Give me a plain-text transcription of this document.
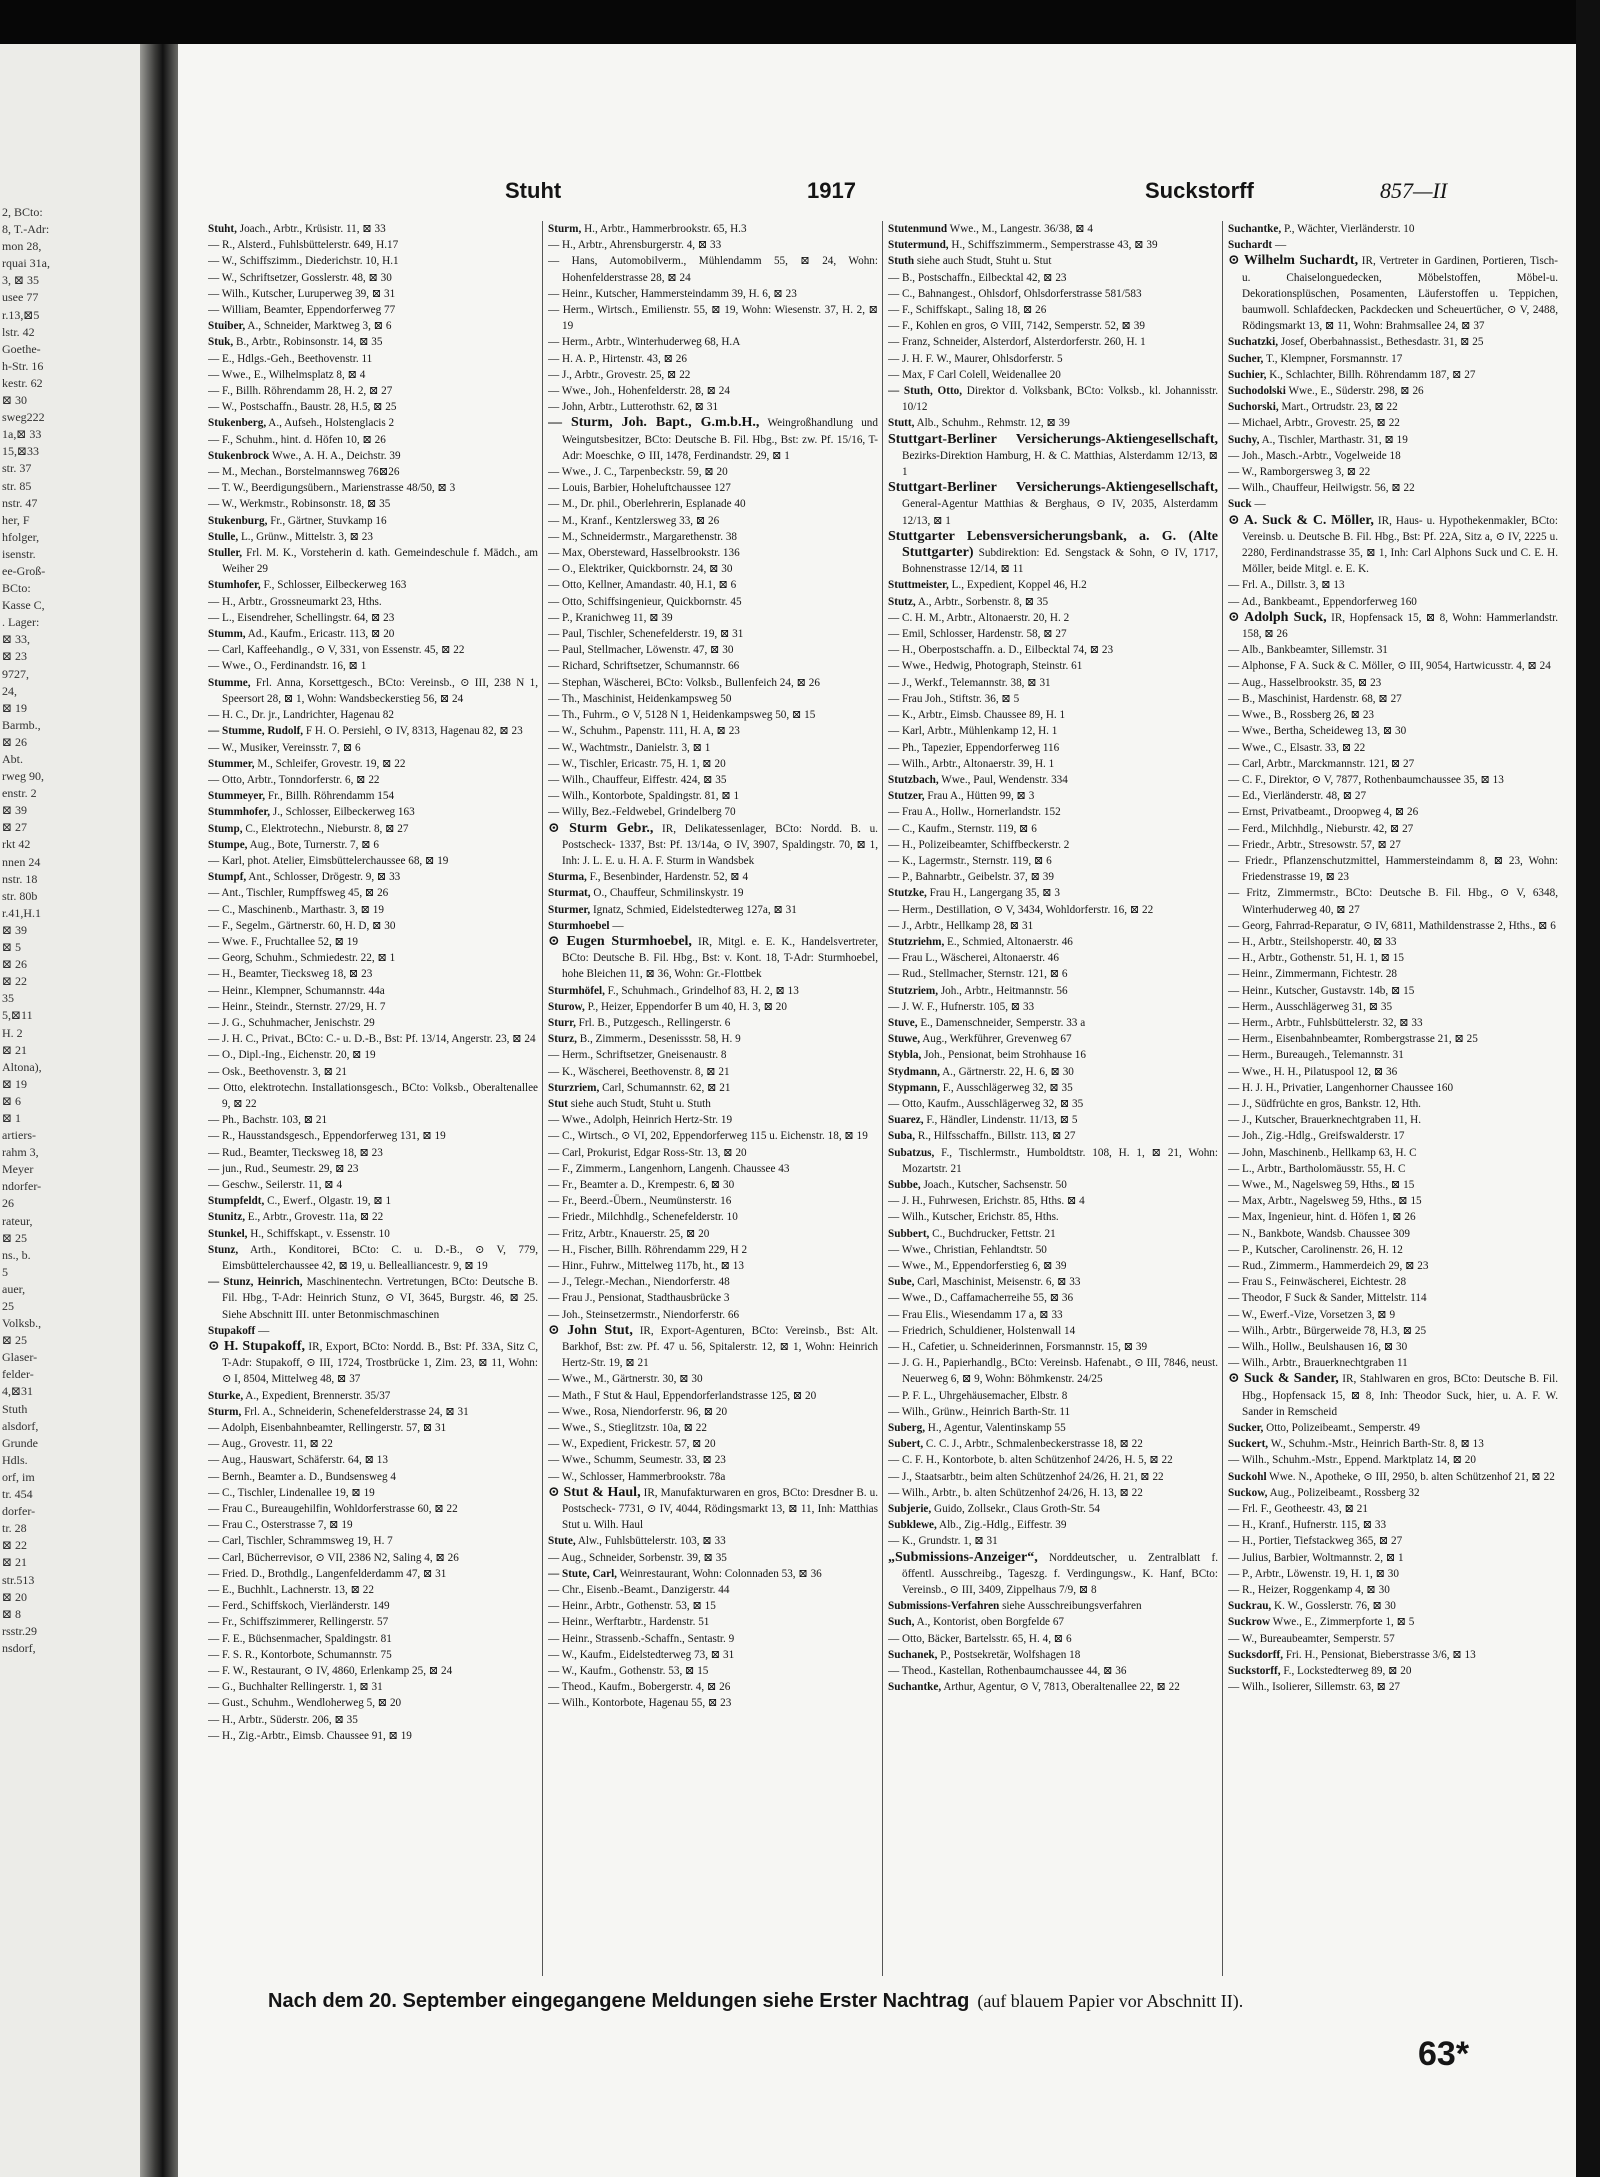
2, BCto:
8, T.-Adr:
mon 28,
rquai 31a,
3, ⊠ 35
usee 77
r.13,⊠5
lstr. 42
Goethe-
h-Str. 16
kestr. 62
⊠ 30
sweg222
1a,⊠ 33
15,⊠33
str. 37
str. 85
nstr. 47
her, F
hfolger,
isenstr.
ee-Groß-
BCto:
Kasse C,
. Lager:
⊠ 33,
⊠ 23
9727,
24,
⊠ 19
Barmb.,
⊠ 26
Abt.
rweg 90,
enstr. 2
⊠ 39
⊠ 27
rkt 42
nnen 24
nstr. 18
str. 80b
r.41,H.1
⊠ 39
⊠ 5
⊠ 26
⊠ 22
35
5,⊠11
H. 2
⊠ 21
Altona),
⊠ 19
⊠ 6
⊠ 1
artiers-
rahm 3,
Meyer
ndorfer-
26
rateur,
⊠ 25
ns., b.
5
auer,
25
Volksb.,
⊠ 25
Glaser-
felder-
4,⊠31
Stuth
alsdorf,
Grunde
Hdls.
orf, im
tr. 454
dorfer-
tr. 28
⊠ 22
⊠ 21
str.513
⊠ 20
⊠ 8
rsstr.29
nsdorf,
Stuht	1917	Suckstorff	857—II

Stuht, Joach., Arbtr., Krüsistr. 11, ⊠ 33

— R., Alsterd., Fuhlsbüttelerstr. 649, H.17

— W., Schiffszimm., Diederichstr. 10, H.1

— W., Schriftsetzer, Gosslerstr. 48, ⊠ 30

— Wilh., Kutscher, Luruperweg 39, ⊠ 31

— William, Beamter, Eppendorferweg 77

Stuiber, A., Schneider, Marktweg 3, ⊠ 6

Stuk, B., Arbtr., Robinsonstr. 14, ⊠ 35

— E., Hdlgs.-Geh., Beethovenstr. 11

— Wwe., E., Wilhelmsplatz 8, ⊠ 4

— F., Billh. Röhrendamm 28, H. 2, ⊠ 27

— W., Postschaffn., Baustr. 28, H.5, ⊠ 25

Stukenberg, A., Aufseh., Holstenglacis 2

— F., Schuhm., hint. d. Höfen 10, ⊠ 26

Stukenbrock Wwe., A. H. A., Deichstr. 39

— M., Mechan., Borstelmannsweg 76⊠26

— T. W., Beerdigungsübern., Marienstrasse 48/50, ⊠ 3

— W., Werkmstr., Robinsonstr. 18, ⊠ 35

Stukenburg, Fr., Gärtner, Stuvkamp 16

Stulle, L., Grünw., Mittelstr. 3, ⊠ 23

Stuller, Frl. M. K., Vorsteherin d. kath. Gemeindeschule f. Mädch., am Weiher 29

Stumhofer, F., Schlosser, Eilbeckerweg 163

— H., Arbtr., Grossneumarkt 23, Hths.

— L., Eisendreher, Schellingstr. 64, ⊠ 23

Stumm, Ad., Kaufm., Ericastr. 113, ⊠ 20

— Carl, Kaffeehandlg., ⊙ V, 331, von Essenstr. 45, ⊠ 22

— Wwe., O., Ferdinandstr. 16, ⊠ 1

Stumme, Frl. Anna, Korsettgesch., BCto: Vereinsb., ⊙ III, 238 N 1, Speersort 28, ⊠ 1, Wohn: Wandsbeckerstieg 56, ⊠ 24

— H. C., Dr. jr., Landrichter, Hagenau 82

— Stumme, Rudolf, F H. O. Persiehl, ⊙ IV, 8313, Hagenau 82, ⊠ 23

— W., Musiker, Vereinsstr. 7, ⊠ 6

Stummer, M., Schleifer, Grovestr. 19, ⊠ 22

— Otto, Arbtr., Tonndorferstr. 6, ⊠ 22

Stummeyer, Fr., Billh. Röhrendamm 154

Stummhofer, J., Schlosser, Eilbeckerweg 163

Stump, C., Elektrotechn., Nieburstr. 8, ⊠ 27

Stumpe, Aug., Bote, Turnerstr. 7, ⊠ 6

— Karl, phot. Atelier, Eimsbüttelerchaussee 68, ⊠ 19

Stumpf, Ant., Schlosser, Drögestr. 9, ⊠ 33

— Ant., Tischler, Rumpffsweg 45, ⊠ 26

— C., Maschinenb., Marthastr. 3, ⊠ 19

— F., Segelm., Gärtnerstr. 60, H. D, ⊠ 30

— Wwe. F., Fruchtallee 52, ⊠ 19

— Georg, Schuhm., Schmiedestr. 22, ⊠ 1

— H., Beamter, Tiecksweg 18, ⊠ 23

— Heinr., Klempner, Schumannstr. 44a

— Heinr., Steindr., Sternstr. 27/29, H. 7

— J. G., Schuhmacher, Jenischstr. 29

— J. H. C., Privat., BCto: C.- u. D.-B., Bst: Pf. 13/14, Angerstr. 23, ⊠ 24

— O., Dipl.-Ing., Eichenstr. 20, ⊠ 19

— Osk., Beethovenstr. 3, ⊠ 21

— Otto, elektrotechn. Installationsgesch., BCto: Volksb., Oberaltenallee 9, ⊠ 22

— Ph., Bachstr. 103, ⊠ 21

— R., Hausstandsgesch., Eppendorferweg 131, ⊠ 19

— Rud., Beamter, Tiecksweg 18, ⊠ 23

— jun., Rud., Seumestr. 29, ⊠ 23

— Geschw., Seilerstr. 11, ⊠ 4

Stumpfeldt, C., Ewerf., Olgastr. 19, ⊠ 1

Stunitz, E., Arbtr., Grovestr. 11a, ⊠ 22

Stunkel, H., Schiffskapt., v. Essenstr. 10

Stunz, Arth., Konditorei, BCto: C. u. D.-B., ⊙ V, 779, Eimsbüttelerchaussee 42, ⊠ 19, u. Bellealliancestr. 9, ⊠ 19

— Stunz, Heinrich, Maschinentechn. Vertretungen, BCto: Deutsche B. Fil. Hbg., T-Adr: Heinrich Stunz, ⊙ VI, 3645, Burgstr. 46, ⊠ 25. Siehe Abschnitt III. unter Betonmischmaschinen

Stupakoff —

⊙ H. Stupakoff, IR, Export, BCto: Nordd. B., Bst: Pf. 33A, Sitz C, T-Adr: Stupakoff, ⊙ III, 1724, Trostbrücke 1, Zim. 23, ⊠ 11, Wohn: ⊙ I, 8504, Mittelweg 48, ⊠ 37

Sturke, A., Expedient, Brennerstr. 35/37

Sturm, Frl. A., Schneiderin, Schenefelderstrasse 24, ⊠ 31

— Adolph, Eisenbahnbeamter, Rellingerstr. 57, ⊠ 31

— Aug., Grovestr. 11, ⊠ 22

— Aug., Hauswart, Schäferstr. 64, ⊠ 13

— Bernh., Beamter a. D., Bundsensweg 4

— C., Tischler, Lindenallee 19, ⊠ 19

— Frau C., Bureaugehilfin, Wohldorferstrasse 60, ⊠ 22

— Frau C., Osterstrasse 7, ⊠ 19

— Carl, Tischler, Schrammsweg 19, H. 7

— Carl, Bücherrevisor, ⊙ VII, 2386 N2, Saling 4, ⊠ 26

— Fried. D., Brothdlg., Langenfelderdamm 47, ⊠ 31

— E., Buchhlt., Lachnerstr. 13, ⊠ 22

— Ferd., Schiffskoch, Vierländerstr. 149

— Fr., Schiffszimmerer, Rellingerstr. 57

— F. E., Büchsenmacher, Spaldingstr. 81

— F. S. R., Kontorbote, Schumannstr. 75

— F. W., Restaurant, ⊙ IV, 4860, Erlenkamp 25, ⊠ 24

— G., Buchhalter Rellingerstr. 1, ⊠ 31

— Gust., Schuhm., Wendloherweg 5, ⊠ 20

— H., Arbtr., Süderstr. 206, ⊠ 35

— H., Zig.-Arbtr., Eimsb. Chaussee 91, ⊠ 19

Sturm, H., Arbtr., Hammerbrookstr. 65, H.3

— H., Arbtr., Ahrensburgerstr. 4, ⊠ 33

— Hans, Automobilverm., Mühlendamm 55, ⊠ 24, Wohn: Hohenfelderstrasse 28, ⊠ 24

— Heinr., Kutscher, Hammersteindamm 39, H. 6, ⊠ 23

— Herm., Wirtsch., Emilienstr. 55, ⊠ 19, Wohn: Wiesenstr. 37, H. 2, ⊠ 19

— Herm., Arbtr., Winterhuderweg 68, H.A

— H. A. P., Hirtenstr. 43, ⊠ 26

— J., Arbtr., Grovestr. 25, ⊠ 22

— Wwe., Joh., Hohenfelderstr. 28, ⊠ 24

— John, Arbtr., Lutterothstr. 62, ⊠ 31

— Sturm, Joh. Bapt., G.m.b.H., Weingroßhandlung und Weingutsbesitzer, BCto: Deutsche B. Fil. Hbg., Bst: zw. Pf. 15/16, T-Adr: Moeschke, ⊙ III, 1478, Ferdinandstr. 29, ⊠ 1

— Wwe., J. C., Tarpenbeckstr. 59, ⊠ 20

— Louis, Barbier, Hoheluftchaussee 127

— M., Dr. phil., Oberlehrerin, Esplanade 40

— M., Kranf., Kentzlersweg 33, ⊠ 26

— M., Schneidermstr., Margarethenstr. 38

— Max, Obersteward, Hasselbrookstr. 136

— O., Elektriker, Quickbornstr. 24, ⊠ 30

— Otto, Kellner, Amandastr. 40, H.1, ⊠ 6

— Otto, Schiffsingenieur, Quickbornstr. 45

— P., Kranichweg 11, ⊠ 39

— Paul, Tischler, Schenefelderstr. 19, ⊠ 31

— Paul, Stellmacher, Löwenstr. 47, ⊠ 30

— Richard, Schriftsetzer, Schumannstr. 66

— Stephan, Wäscherei, BCto: Volksb., Bullenfeich 24, ⊠ 26

— Th., Maschinist, Heidenkampsweg 50

— Th., Fuhrm., ⊙ V, 5128 N 1, Heidenkampsweg 50, ⊠ 15

— W., Schuhm., Papenstr. 111, H. A, ⊠ 23

— W., Wachtmstr., Danielstr. 3, ⊠ 1

— W., Tischler, Ericastr. 75, H. 1, ⊠ 20

— Wilh., Chauffeur, Eiffestr. 424, ⊠ 35

— Wilh., Kontorbote, Spaldingstr. 81, ⊠ 1

— Willy, Bez.-Feldwebel, Grindelberg 70

⊙ Sturm Gebr., IR, Delikatessenlager, BCto: Nordd. B. u. Postscheck- 1337, Bst: Pf. 13/14a, ⊙ IV, 3907, Spaldingstr. 70, ⊠ 1, Inh: J. L. E. u. H. A. F. Sturm in Wandsbek

Sturma, F., Besenbinder, Hardenstr. 52, ⊠ 4

Sturmat, O., Chauffeur, Schmilinskystr. 19

Sturmer, Ignatz, Schmied, Eidelstedterweg 127a, ⊠ 31

Sturmhoebel —

⊙ Eugen Sturmhoebel, IR, Mitgl. e. E. K., Handelsvertreter, BCto: Deutsche B. Fil. Hbg., Bst: v. Kont. 18, T-Adr: Sturmhoebel, hohe Bleichen 11, ⊠ 36, Wohn: Gr.-Flottbek

Sturmhöfel, F., Schuhmach., Grindelhof 83, H. 2, ⊠ 13

Sturow, P., Heizer, Eppendorfer B um 40, H. 3, ⊠ 20

Sturr, Frl. B., Putzgesch., Rellingerstr. 6

Sturz, B., Zimmerm., Desenissstr. 58, H. 9

— Herm., Schriftsetzer, Gneisenaustr. 8

— K., Wäscherei, Beethovenstr. 8, ⊠ 21

Sturzriem, Carl, Schumannstr. 62, ⊠ 21

Stut siehe auch Studt, Stuht u. Stuth

— Wwe., Adolph, Heinrich Hertz-Str. 19

— C., Wirtsch., ⊙ VI, 202, Eppendorferweg 115 u. Eichenstr. 18, ⊠ 19

— Carl, Prokurist, Edgar Ross-Str. 13, ⊠ 20

— F., Zimmerm., Langenhorn, Langenh. Chaussee 43

— Fr., Beamter a. D., Krempestr. 6, ⊠ 30

— Fr., Beerd.-Übern., Neumünsterstr. 16

— Friedr., Milchhdlg., Schenefelderstr. 10

— Fritz, Arbtr., Knauerstr. 25, ⊠ 20

— H., Fischer, Billh. Röhrendamm 229, H 2

— Hinr., Fuhrw., Mittelweg 117b, ht., ⊠ 13

— J., Telegr.-Mechan., Niendorferstr. 48

— Frau J., Pensionat, Stadthausbrücke 3

— Joh., Steinsetzermstr., Niendorferstr. 66

⊙ John Stut, IR, Export-Agenturen, BCto: Vereinsb., Bst: Alt. Barkhof, Bst: zw. Pf. 47 u. 56, Spitalerstr. 12, ⊠ 1, Wohn: Heinrich Hertz-Str. 19, ⊠ 21

— Wwe., M., Gärtnerstr. 30, ⊠ 30

— Math., F Stut & Haul, Eppendorferlandstrasse 125, ⊠ 20

— Wwe., Rosa, Niendorferstr. 96, ⊠ 20

— Wwe., S., Stieglitzstr. 10a, ⊠ 22

— W., Expedient, Frickestr. 57, ⊠ 20

— Wwe., Schumm, Seumestr. 33, ⊠ 23

— W., Schlosser, Hammerbrookstr. 78a

⊙ Stut & Haul, IR, Manufakturwaren en gros, BCto: Dresdner B. u. Postscheck- 7731, ⊙ IV, 4044, Rödingsmarkt 13, ⊠ 11, Inh: Matthias Stut u. Wilh. Haul

Stute, Alw., Fuhlsbüttelerstr. 103, ⊠ 33

— Aug., Schneider, Sorbenstr. 39, ⊠ 35

— Stute, Carl, Weinrestaurant, Wohn: Colonnaden 53, ⊠ 36

— Chr., Eisenb.-Beamt., Danzigerstr. 44

— Heinr., Arbtr., Gothenstr. 53, ⊠ 15

— Heinr., Werftarbtr., Hardenstr. 51

— Heinr., Strassenb.-Schaffn., Sentastr. 9

— W., Kaufm., Eidelstedterweg 73, ⊠ 31

— W., Kaufm., Gothenstr. 53, ⊠ 15

— Theod., Kaufm., Bobergerstr. 4, ⊠ 26

— Wilh., Kontorbote, Hagenau 55, ⊠ 23

Stutenmund Wwe., M., Langestr. 36/38, ⊠ 4

Stutermund, H., Schiffszimmerm., Semperstrasse 43, ⊠ 39

Stuth siehe auch Studt, Stuht u. Stut

— B., Postschaffn., Eilbecktal 42, ⊠ 23

— C., Bahnangest., Ohlsdorf, Ohlsdorferstrasse 581/583

— F., Schiffskapt., Saling 18, ⊠ 26

— F., Kohlen en gros, ⊙ VIII, 7142, Semperstr. 52, ⊠ 39

— Franz, Schneider, Alsterdorf, Alsterdorferstr. 260, H. 1

— J. H. F. W., Maurer, Ohlsdorferstr. 5

— Max, F Carl Colell, Weidenallee 20

— Stuth, Otto, Direktor d. Volksbank, BCto: Volksb., kl. Johannisstr. 10/12

Stutt, Alb., Schuhm., Rehmstr. 12, ⊠ 39

Stuttgart-Berliner Versicherungs-Aktiengesellschaft, Bezirks-Direktion Hamburg, H. & C. Matthias, Alsterdamm 12/13, ⊠ 1

Stuttgart-Berliner Versicherungs-Aktiengesellschaft, General-Agentur Matthias & Berghaus, ⊙ IV, 2035, Alsterdamm 12/13, ⊠ 1

Stuttgarter Lebensversicherungsbank, a. G. (Alte Stuttgarter) Subdirektion: Ed. Sengstack & Sohn, ⊙ IV, 1717, Bohnenstrasse 12/14, ⊠ 11

Stuttmeister, L., Expedient, Koppel 46, H.2

Stutz, A., Arbtr., Sorbenstr. 8, ⊠ 35

— C. H. M., Arbtr., Altonaerstr. 20, H. 2

— Emil, Schlosser, Hardenstr. 58, ⊠ 27

— H., Oberpostschaffn. a. D., Eilbecktal 74, ⊠ 23

— Wwe., Hedwig, Photograph, Steinstr. 61

— J., Werkf., Telemannstr. 38, ⊠ 31

— Frau Joh., Stiftstr. 36, ⊠ 5

— K., Arbtr., Eimsb. Chaussee 89, H. 1

— Karl, Arbtr., Mühlenkamp 12, H. 1

— Ph., Tapezier, Eppendorferweg 116

— Wilh., Arbtr., Altonaerstr. 39, H. 1

Stutzbach, Wwe., Paul, Wendenstr. 334

Stutzer, Frau A., Hütten 99, ⊠ 3

— Frau A., Hollw., Hornerlandstr. 152

— C., Kaufm., Sternstr. 119, ⊠ 6

— H., Polizeibeamter, Schiffbeckerstr. 2

— K., Lagermstr., Sternstr. 119, ⊠ 6

— P., Bahnarbtr., Geibelstr. 37, ⊠ 39

Stutzke, Frau H., Langergang 35, ⊠ 3

— Herm., Destillation, ⊙ V, 3434, Wohldorferstr. 16, ⊠ 22

— J., Arbtr., Hellkamp 28, ⊠ 31

Stutzriehm, E., Schmied, Altonaerstr. 46

— Frau L., Wäscherei, Altonaerstr. 46

— Rud., Stellmacher, Sternstr. 121, ⊠ 6

Stutzriem, Joh., Arbtr., Heitmannstr. 56

— J. W. F., Hufnerstr. 105, ⊠ 33

Stuve, E., Damenschneider, Semperstr. 33 a

Stuwe, Aug., Werkführer, Grevenweg 67

Stybla, Joh., Pensionat, beim Strohhause 16

Stydmann, A., Gärtnerstr. 22, H. 6, ⊠ 30

Stypmann, F., Ausschlägerweg 32, ⊠ 35

— Otto, Kaufm., Ausschlägerweg 32, ⊠ 35

Suarez, F., Händler, Lindenstr. 11/13, ⊠ 5

Suba, R., Hilfsschaffn., Billstr. 113, ⊠ 27

Subatzus, F., Tischlermstr., Humboldtstr. 108, H. 1, ⊠ 21, Wohn: Mozartstr. 21

Subbe, Joach., Kutscher, Sachsenstr. 50

— J. H., Fuhrwesen, Erichstr. 85, Hths. ⊠ 4

— Wilh., Kutscher, Erichstr. 85, Hths.

Subbert, C., Buchdrucker, Fettstr. 21

— Wwe., Christian, Fehlandtstr. 50

— Wwe., M., Eppendorferstieg 6, ⊠ 39

Sube, Carl, Maschinist, Meisenstr. 6, ⊠ 33

— Wwe., D., Caffamacherreihe 55, ⊠ 36

— Frau Elis., Wiesendamm 17 a, ⊠ 33

— Friedrich, Schuldiener, Holstenwall 14

— H., Cafetier, u. Schneiderinnen, Forsmannstr. 15, ⊠ 39

— J. G. H., Papierhandlg., BCto: Vereinsb. Hafenabt., ⊙ III, 7846, neust. Neuerweg 6, ⊠ 9, Wohn: Böhmkenstr. 24/25

— P. F. L., Uhrgehäusemacher, Elbstr. 8

— Wilh., Grünw., Heinrich Barth-Str. 11

Suberg, H., Agentur, Valentinskamp 55

Subert, C. C. J., Arbtr., Schmalenbeckerstrasse 18, ⊠ 22

— C. F. H., Kontorbote, b. alten Schützenhof 24/26, H. 5, ⊠ 22

— J., Staatsarbtr., beim alten Schützenhof 24/26, H. 21, ⊠ 22

— Wilh., Arbtr., b. alten Schützenhof 24/26, H. 13, ⊠ 22

Subjerie, Guido, Zollsekr., Claus Groth-Str. 54

Subklewe, Alb., Zig.-Hdlg., Eiffestr. 39

— K., Grundstr. 1, ⊠ 31

„Submissions-Anzeiger“, Norddeutscher, u. Zentralblatt f. öffentl. Ausschreibg., Tageszg. f. Verdingungsw., K. Hanf, BCto: Vereinsb., ⊙ III, 3409, Zippelhaus 7/9, ⊠ 8

Submissions-Verfahren siehe Ausschreibungsverfahren

Such, A., Kontorist, oben Borgfelde 67

— Otto, Bäcker, Bartelsstr. 65, H. 4, ⊠ 6

Suchanek, P., Postsekretär, Wolfshagen 18

— Theod., Kastellan, Rothenbaumchaussee 44, ⊠ 36

Suchantke, Arthur, Agentur, ⊙ V, 7813, Oberaltenallee 22, ⊠ 22

Suchantke, P., Wächter, Vierländerstr. 10

Suchardt —

⊙ Wilhelm Suchardt, IR, Vertreter in Gardinen, Portieren, Tisch-u. Chaiselonguedecken, Möbelstoffen, Möbel-u. Dekorationsplüschen, Posamenten, Läuferstoffen u. Teppichen, baumwoll. Schlafdecken, Packdecken und Scheuertücher, ⊙ V, 2488, Rödingsmarkt 13, ⊠ 11, Wohn: Brahmsallee 24, ⊠ 37

Suchatzki, Josef, Oberbahnassist., Bethesdastr. 31, ⊠ 25

Sucher, T., Klempner, Forsmannstr. 17

Suchier, K., Schlachter, Billh. Röhrendamm 187, ⊠ 27

Suchodolski Wwe., E., Süderstr. 298, ⊠ 26

Suchorski, Mart., Ortrudstr. 23, ⊠ 22

— Michael, Arbtr., Grovestr. 25, ⊠ 22

Suchy, A., Tischler, Marthastr. 31, ⊠ 19

— Joh., Masch.-Arbtr., Vogelweide 18

— W., Ramborgersweg 3, ⊠ 22

— Wilh., Chauffeur, Heilwigstr. 56, ⊠ 22

Suck —

⊙ A. Suck & C. Möller, IR, Haus- u. Hypothekenmakler, BCto: Vereinsb. u. Deutsche B. Fil. Hbg., Bst: Pf. 22A, Sitz a, ⊙ IV, 2225 u. 2280, Ferdinandstrasse 35, ⊠ 1, Inh: Carl Alphons Suck und C. E. H. Möller, beide Mitgl. e. E. K.

— Frl. A., Dillstr. 3, ⊠ 13

— Ad., Bankbeamt., Eppendorferweg 160

⊙ Adolph Suck, IR, Hopfensack 15, ⊠ 8, Wohn: Hammerlandstr. 158, ⊠ 26

— Alb., Bankbeamter, Sillemstr. 31

— Alphonse, F A. Suck & C. Möller, ⊙ III, 9054, Hartwicusstr. 4, ⊠ 24

— Aug., Hasselbrookstr. 35, ⊠ 23

— B., Maschinist, Hardenstr. 68, ⊠ 27

— Wwe., B., Rossberg 26, ⊠ 23

— Wwe., Bertha, Scheideweg 13, ⊠ 30

— Wwe., C., Elsastr. 33, ⊠ 22

— Carl, Arbtr., Marckmannstr. 121, ⊠ 27

— C. F., Direktor, ⊙ V, 7877, Rothenbaumchaussee 35, ⊠ 13

— Ed., Vierländerstr. 48, ⊠ 27

— Ernst, Privatbeamt., Droopweg 4, ⊠ 26

— Ferd., Milchhdlg., Nieburstr. 42, ⊠ 27

— Friedr., Arbtr., Stresowstr. 57, ⊠ 27

— Friedr., Pflanzenschutzmittel, Hammersteindamm 8, ⊠ 23, Wohn: Friedenstrasse 19, ⊠ 23

— Fritz, Zimmermstr., BCto: Deutsche B. Fil. Hbg., ⊙ V, 6348, Winterhuderweg 40, ⊠ 27

— Georg, Fahrrad-Reparatur, ⊙ IV, 6811, Mathildenstrasse 2, Hths., ⊠ 6

— H., Arbtr., Steilshoperstr. 40, ⊠ 33

— H., Arbtr., Gothenstr. 51, H. 1, ⊠ 15

— Heinr., Zimmermann, Fichtestr. 28

— Heinr., Kutscher, Gustavstr. 14b, ⊠ 15

— Herm., Ausschlägerweg 31, ⊠ 35

— Herm., Arbtr., Fuhlsbüttelerstr. 32, ⊠ 33

— Herm., Eisenbahnbeamter, Rombergstrasse 21, ⊠ 25

— Herm., Bureaugeh., Telemannstr. 31

— Wwe., H. H., Pilatuspool 12, ⊠ 36

— H. J. H., Privatier, Langenhorner Chaussee 160

— J., Südfrüchte en gros, Bankstr. 12, Hth.

— J., Kutscher, Brauerknechtgraben 11, H.

— Joh., Zig.-Hdlg., Greifswalderstr. 17

— John, Maschinenb., Hellkamp 63, H. C

— L., Arbtr., Bartholomäusstr. 55, H. C

— Wwe., M., Nagelsweg 59, Hths., ⊠ 15

— Max, Arbtr., Nagelsweg 59, Hths., ⊠ 15

— Max, Ingenieur, hint. d. Höfen 1, ⊠ 26

— N., Bankbote, Wandsb. Chaussee 309

— P., Kutscher, Carolinenstr. 26, H. 12

— Rud., Zimmerm., Hammerdeich 29, ⊠ 23

— Frau S., Feinwäscherei, Eichtestr. 28

— Theodor, F Suck & Sander, Mittelstr. 114

— W., Ewerf.-Vize, Vorsetzen 3, ⊠ 9

— Wilh., Arbtr., Bürgerweide 78, H.3, ⊠ 25

— Wilh., Hollw., Beulshausen 16, ⊠ 30

— Wilh., Arbtr., Brauerknechtgraben 11

⊙ Suck & Sander, IR, Stahlwaren en gros, BCto: Deutsche B. Fil. Hbg., Hopfensack 15, ⊠ 8, Inh: Theodor Suck, hier, u. A. F. W. Sander in Remscheid

Sucker, Otto, Polizeibeamt., Semperstr. 49

Suckert, W., Schuhm.-Mstr., Heinrich Barth-Str. 8, ⊠ 13

— Wilh., Schuhm.-Mstr., Eppend. Marktplatz 14, ⊠ 20

Suckohl Wwe. N., Apotheke, ⊙ III, 2950, b. alten Schützenhof 21, ⊠ 22

Suckow, Aug., Polizeibeamt., Rossberg 32

— Frl. F., Geotheestr. 43, ⊠ 21

— H., Kranf., Hufnerstr. 115, ⊠ 33

— H., Portier, Tiefstackweg 365, ⊠ 27

— Julius, Barbier, Woltmannstr. 2, ⊠ 1

— P., Arbtr., Löwenstr. 19, H. 1, ⊠ 30

— R., Heizer, Roggenkamp 4, ⊠ 30

Suckrau, K. W., Gosslerstr. 76, ⊠ 30

Suckrow Wwe., E., Zimmerpforte 1, ⊠ 5

— W., Bureaubeamter, Semperstr. 57

Sucksdorff, Fri. H., Pensionat, Bieberstrasse 3/6, ⊠ 13

Suckstorff, F., Lockstedterweg 89, ⊠ 20

— Wilh., Isolierer, Sillemstr. 63, ⊠ 27

Nach dem 20. September eingegangene Meldungen siehe Erster Nachtrag (auf blauem Papier vor Abschnitt II).
63*
